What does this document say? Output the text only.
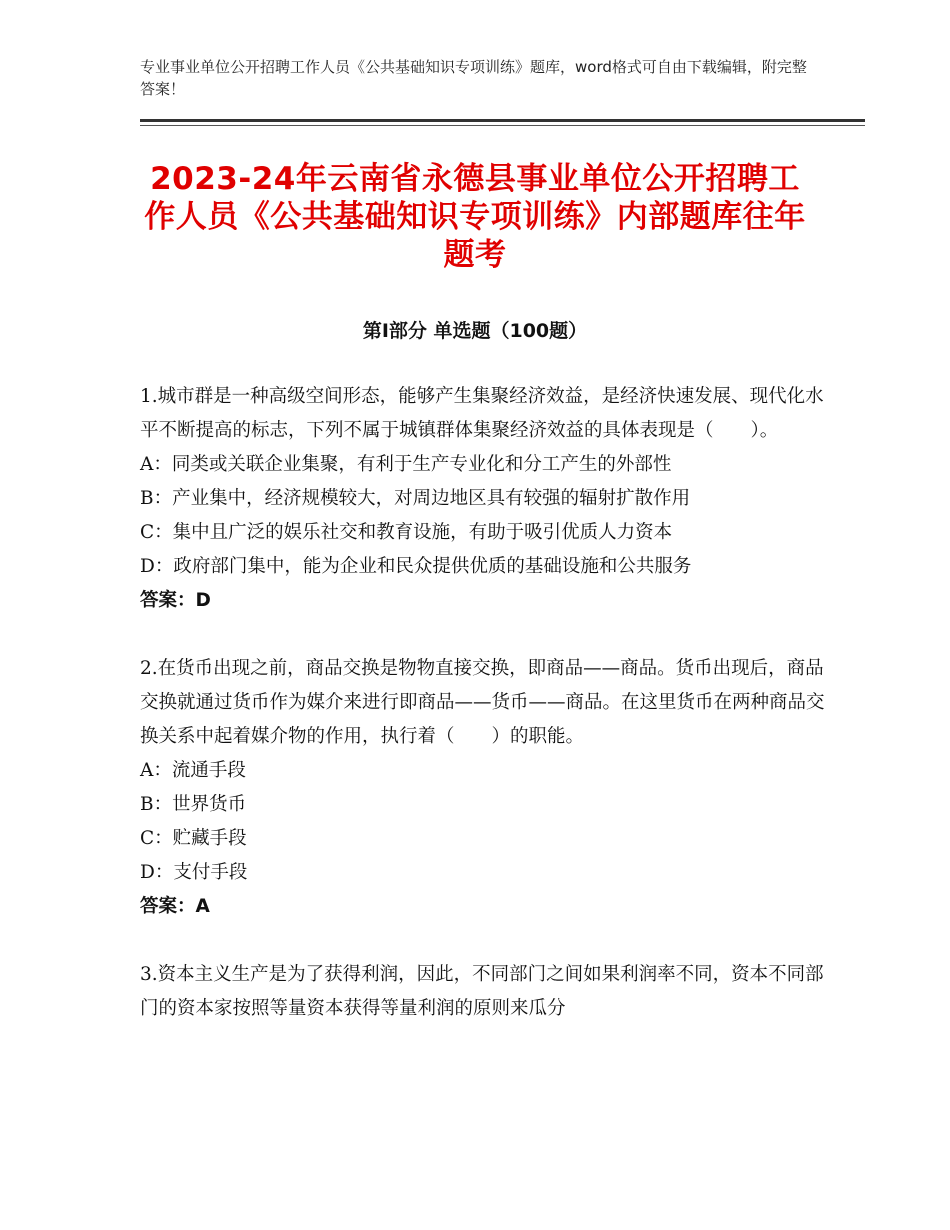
专业事业单位公开招聘工作人员《公共基础知识专项训练》题库，word格式可自由下载编辑，附完整答案！
2023-24年云南省永德县事业单位公开招聘工作人员《公共基础知识专项训练》内部题库往年题考
第Ⅰ部分 单选题（100题）

1.城市群是一种高级空间形态，能够产生集聚经济效益，是经济快速发展、现代化水平不断提高的标志，下列不属于城镇群体集聚经济效益的具体表现是（　　）。

A：同类或关联企业集聚，有利于生产专业化和分工产生的外部性

B：产业集中，经济规模较大，对周边地区具有较强的辐射扩散作用

C：集中且广泛的娱乐社交和教育设施，有助于吸引优质人力资本

D：政府部门集中，能为企业和民众提供优质的基础设施和公共服务

答案：D

2.在货币出现之前，商品交换是物物直接交换，即商品——商品。货币出现后，商品交换就通过货币作为媒介来进行即商品——货币——商品。在这里货币在两种商品交换关系中起着媒介物的作用，执行着（　　）的职能。

A：流通手段

B：世界货币

C：贮藏手段

D：支付手段

答案：A

3.资本主义生产是为了获得利润，因此，不同部门之间如果利润率不同，资本不同部门的资本家按照等量资本获得等量利润的原则来瓜分
